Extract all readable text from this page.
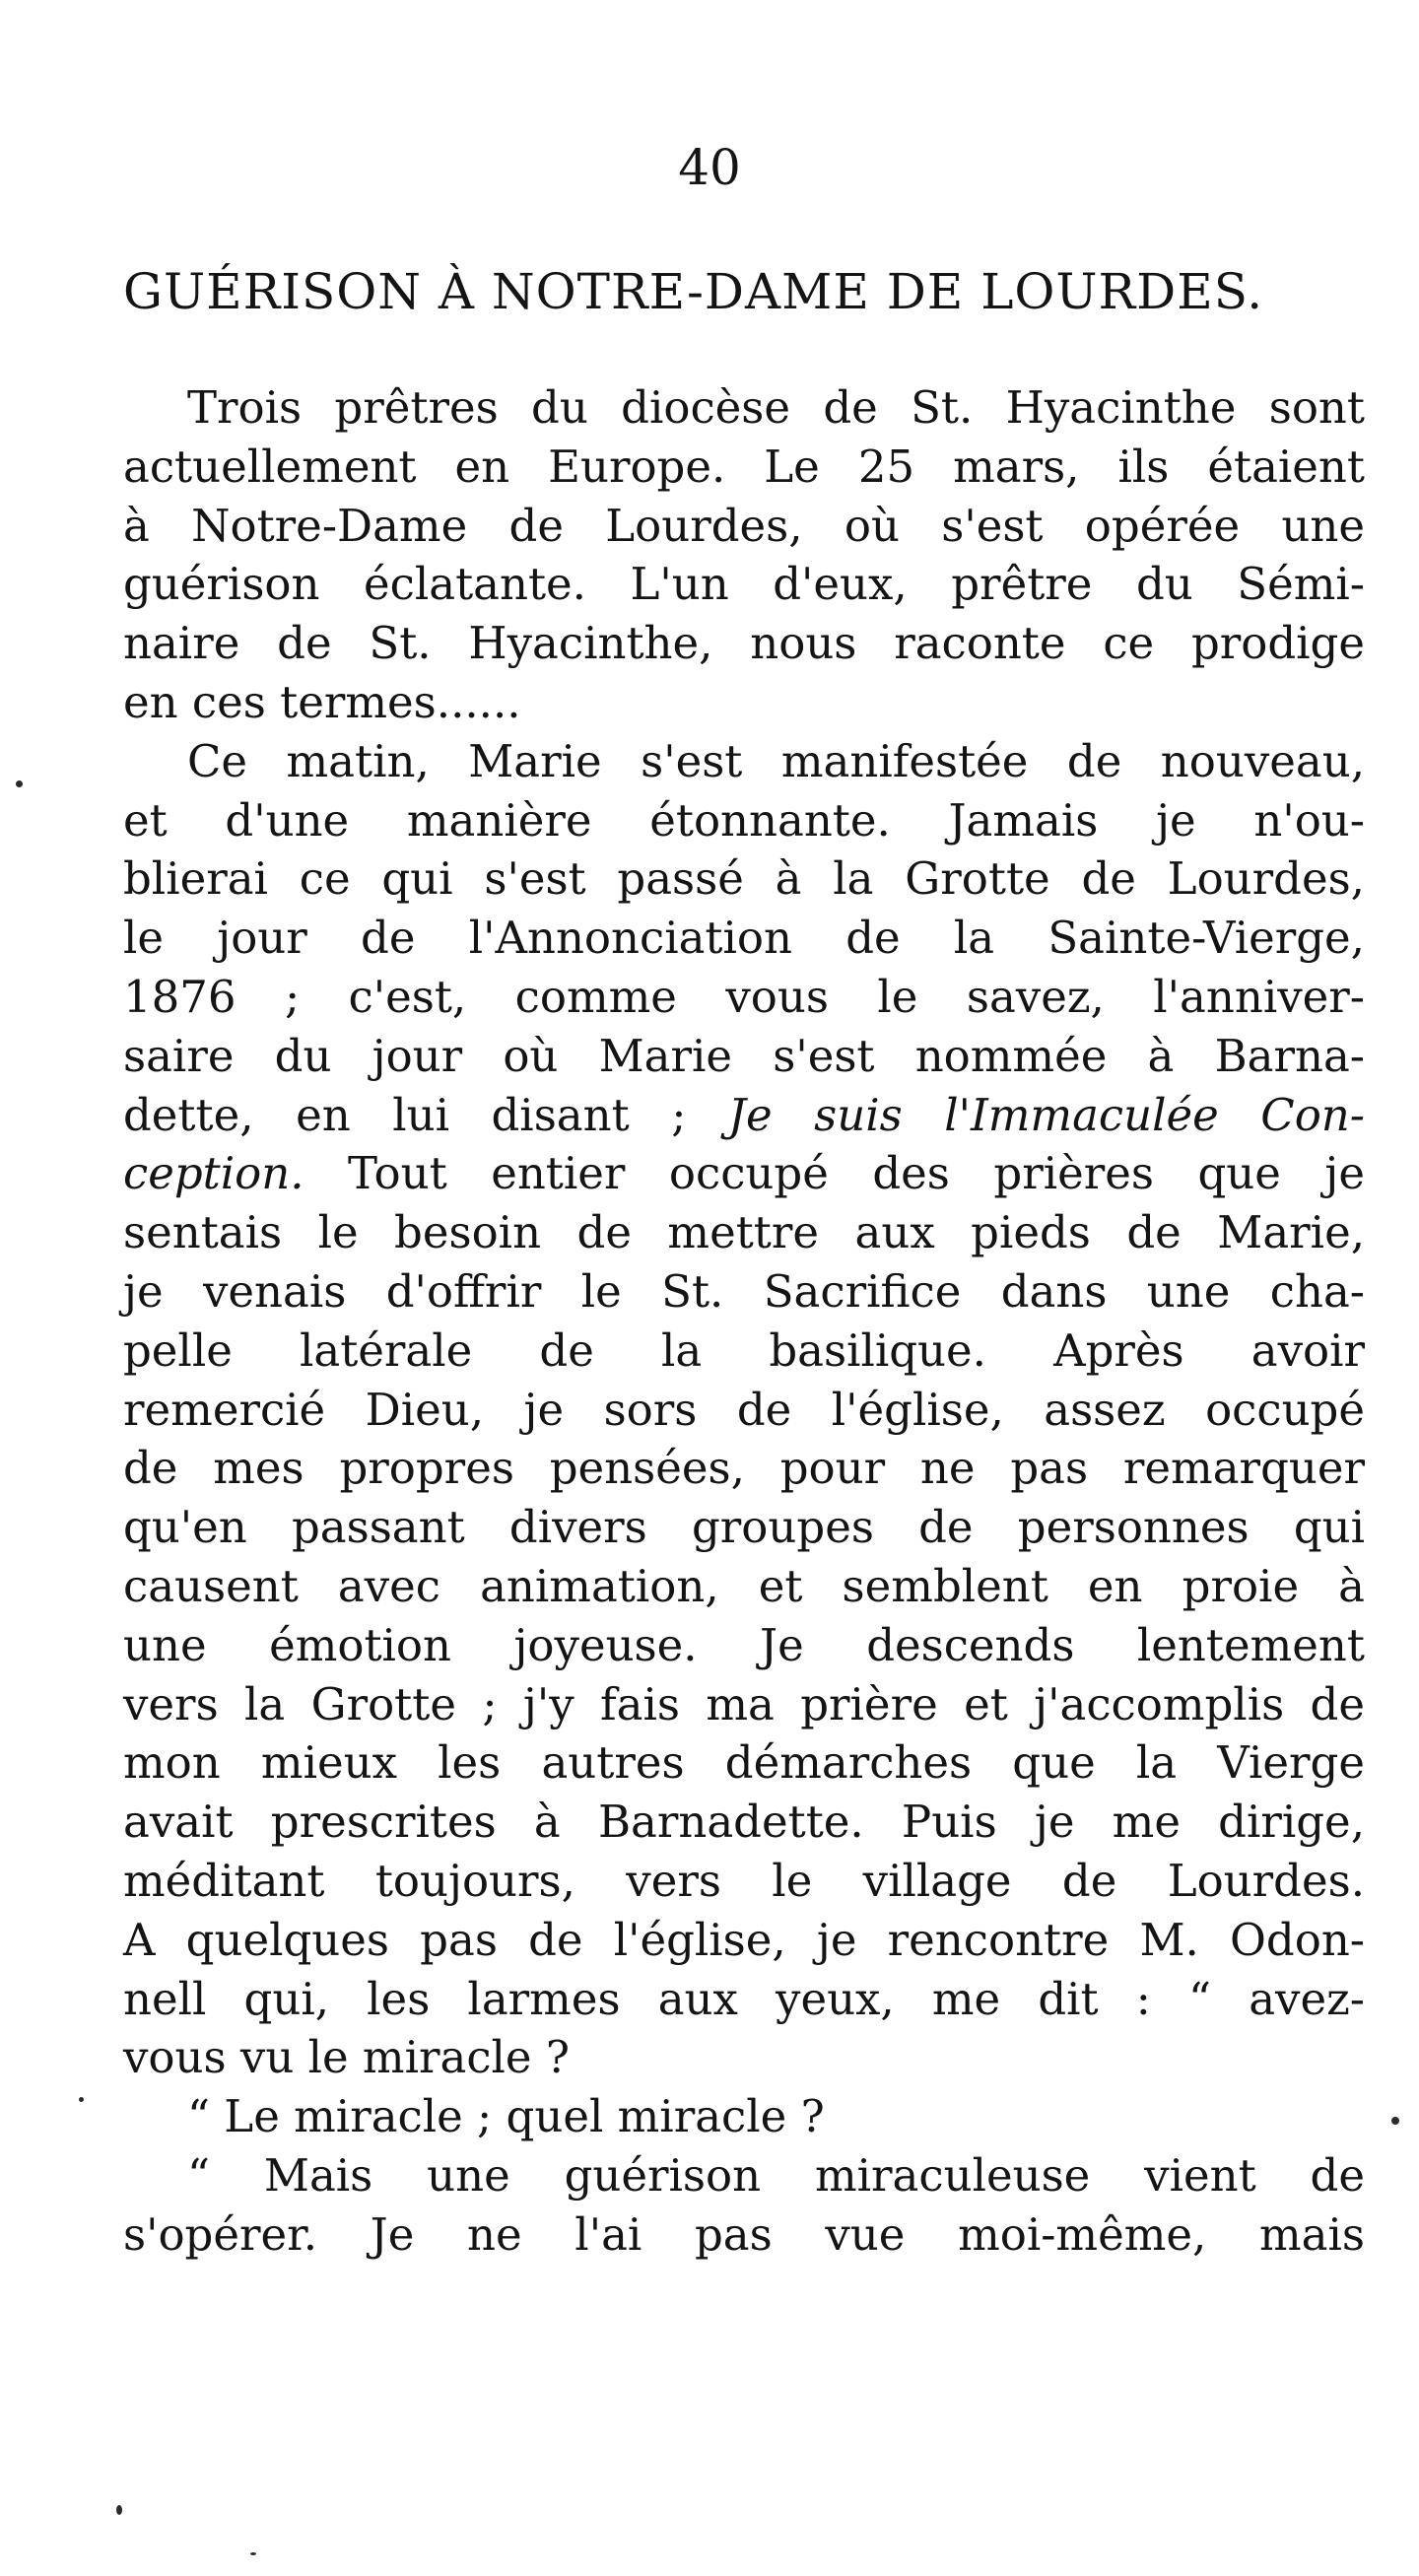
40
GUÉRISON À NOTRE-DAME DE LOURDES.
Trois prêtres du diocèse de St. Hyacinthe sont
actuellement en Europe. Le 25 mars, ils étaient
à Notre-Dame de Lourdes, où s'est opérée une
guérison éclatante. L'un d'eux, prêtre du Sémi-
naire de St. Hyacinthe, nous raconte ce prodige
en ces termes......
Ce matin, Marie s'est manifestée de nouveau,
et d'une manière étonnante. Jamais je n'ou-
blierai ce qui s'est passé à la Grotte de Lourdes,
le jour de l'Annonciation de la Sainte-Vierge,
1876 ; c'est, comme vous le savez, l'anniver-
saire du jour où Marie s'est nommée à Barna-
dette, en lui disant ; Je suis l'Immaculée Con-
ception. Tout entier occupé des prières que je
sentais le besoin de mettre aux pieds de Marie,
je venais d'offrir le St. Sacrifice dans une cha-
pelle latérale de la basilique. Après avoir
remercié Dieu, je sors de l'église, assez occupé
de mes propres pensées, pour ne pas remarquer
qu'en passant divers groupes de personnes qui
causent avec animation, et semblent en proie à
une émotion joyeuse. Je descends lentement
vers la Grotte ; j'y fais ma prière et j'accomplis de
mon mieux les autres démarches que la Vierge
avait prescrites à Barnadette. Puis je me dirige,
méditant toujours, vers le village de Lourdes.
A quelques pas de l'église, je rencontre M. Odon-
nell qui, les larmes aux yeux, me dit : “ avez-
vous vu le miracle ?
“ Le miracle ; quel miracle ?
“ Mais une guérison miraculeuse vient de
s'opérer. Je ne l'ai pas vue moi-même, mais
